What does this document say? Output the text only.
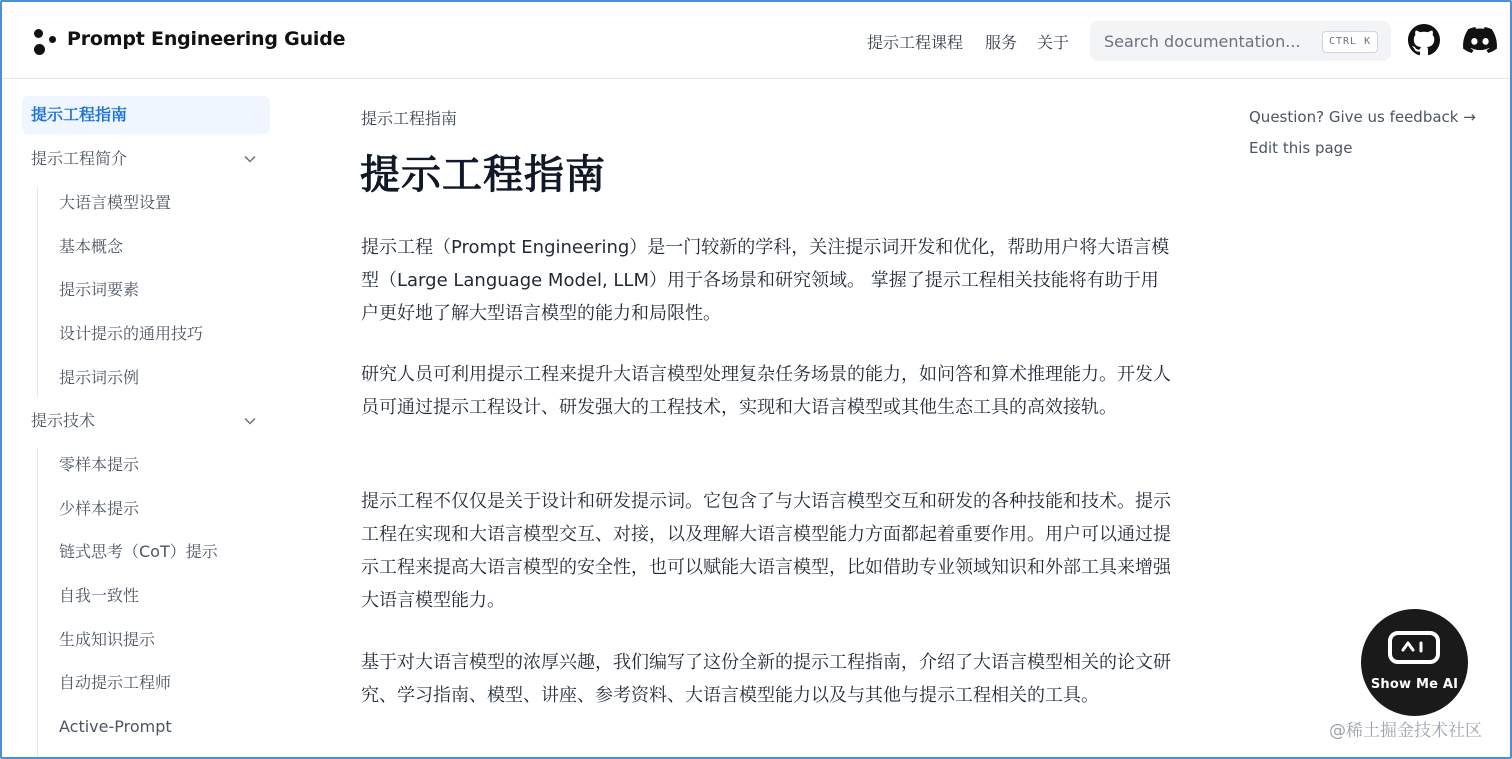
Prompt Engineering Guide	提示工程课程 服务 关于
Search documentation...	CTRL K
提示工程指南
提示工程简介
大语言模型设置
基本概念
提示词要素
设计提示的通用技巧
提示词示例
提示技术
零样本提示
少样本提示
链式思考（CoT）提示
自我一致性
生成知识提示
自动提示工程师
Active-Prompt
提示工程指南
提示工程指南

提示工程（Prompt Engineering）是一门较新的学科，关注提示词开发和优化，帮助用户将大语言模型（Large Language Model, LLM）用于各场景和研究领域。 掌握了提示工程相关技能将有助于用户更好地了解大型语言模型的能力和局限性。

研究人员可利用提示工程来提升大语言模型处理复杂任务场景的能力，如问答和算术推理能力。开发人员可通过提示工程设计、研发强大的工程技术，实现和大语言模型或其他生态工具的高效接轨。

提示工程不仅仅是关于设计和研发提示词。它包含了与大语言模型交互和研发的各种技能和技术。提示工程在实现和大语言模型交互、对接，以及理解大语言模型能力方面都起着重要作用。用户可以通过提示工程来提高大语言模型的安全性，也可以赋能大语言模型，比如借助专业领域知识和外部工具来增强大语言模型能力。

基于对大语言模型的浓厚兴趣，我们编写了这份全新的提示工程指南，介绍了大语言模型相关的论文研究、学习指南、模型、讲座、参考资料、大语言模型能力以及与其他与提示工程相关的工具。

Question? Give us feedback →
Edit this page
Show Me AI
@稀土掘金技术社区
